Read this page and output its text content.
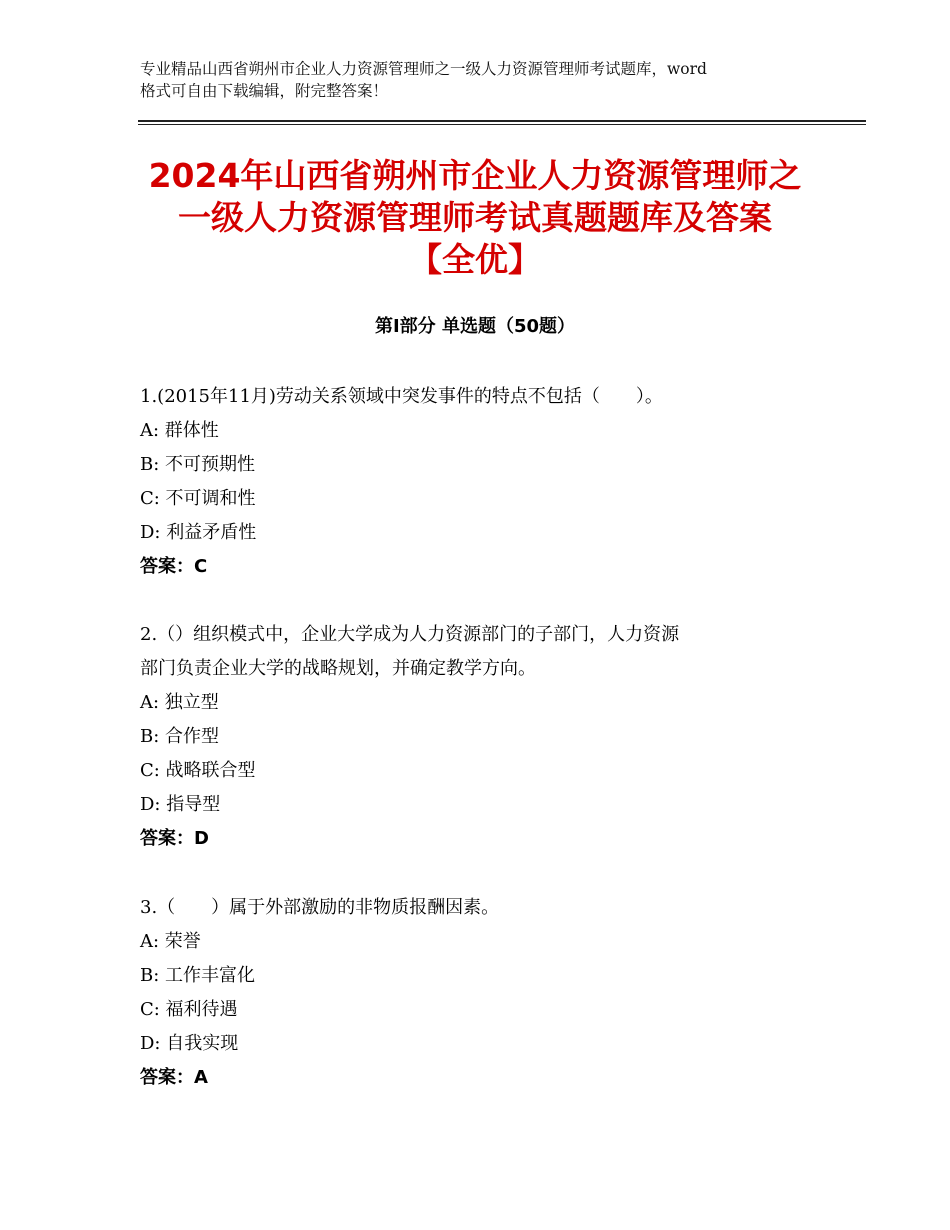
专业精品山西省朔州市企业人力资源管理师之一级人力资源管理师考试题库，word
格式可自由下载编辑，附完整答案！
2024年山西省朔州市企业人力资源管理师之
一级人力资源管理师考试真题题库及答案
【全优】
第Ⅰ部分 单选题（50题）
1.(2015年11月)劳动关系领域中突发事件的特点不包括（　　）。
A: 群体性
B: 不可预期性
C: 不可调和性
D: 利益矛盾性
答案：C
2.（）组织模式中，企业大学成为人力资源部门的子部门，人力资源
部门负责企业大学的战略规划，并确定教学方向。
A: 独立型
B: 合作型
C: 战略联合型
D: 指导型
答案：D
3.（　　）属于外部激励的非物质报酬因素。
A: 荣誉
B: 工作丰富化
C: 福利待遇
D: 自我实现
答案：A
